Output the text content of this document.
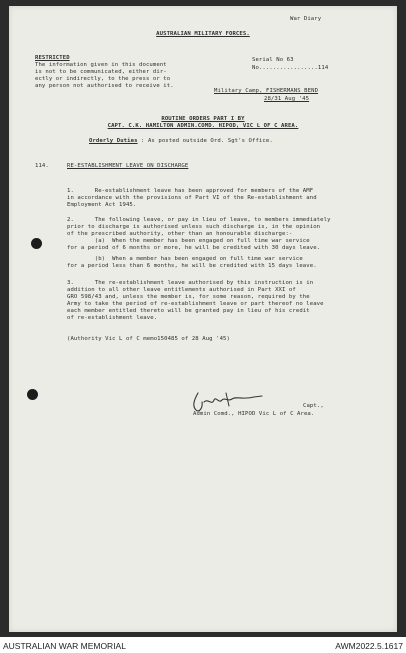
War Diary
AUSTRALIAN MILITARY FORCES.
RESTRICTED
The information given in this document
is not to be communicated, either dir-
ectly or indirectly, to the press or to
any person not authorised to receive it.
Serial No 63
No.................114
Military Camp, FISHERMANS BEND
28/31 Aug '45
ROUTINE ORDERS PART I BY
CAPT. C.K. HAMILTON ADMIN.COMD. HIPOD, VIC L OF C AREA.
Orderly Duties : As posted outside Ord. Sgt's Office.
114.	RE-ESTABLISHMENT LEAVE ON DISCHARGE
1.      Re-establishment leave has been approved for members of the AMF
in accordance with the provisions of Part VI of the Re-establishment and
Employment Act 1945.
2.      The following leave, or pay in lieu of leave, to members immediately
prior to discharge is authorised unless such discharge is, in the opinion
of the prescribed authority, other than an honourable discharge:-
(a)  When the member has been engaged on full time war service
for a period of 6 months or more, he will be credited with 30 days leave.
(b)  When a member has been engaged on full time war service
for a period less than 6 months, he will be credited with 15 days leave.
3.      The re-establishment leave authorised by this instruction is in
addition to all other leave entitlements authorised in Part XXI of
GRO 598/43 and, unless the member is, for some reason, required by the
Army to take the period of re-establishment leave or part thereof no leave
each member entitled thereto will be granted pay in lieu of his credit
of re-establishment leave.
(Authority Vic L of C memo150485 of 28 Aug '45)
Capt.,
Admin Comd., HIPOD Vic L of C Area.
AUSTRALIAN WAR MEMORIAL	AWM2022.5.1617
